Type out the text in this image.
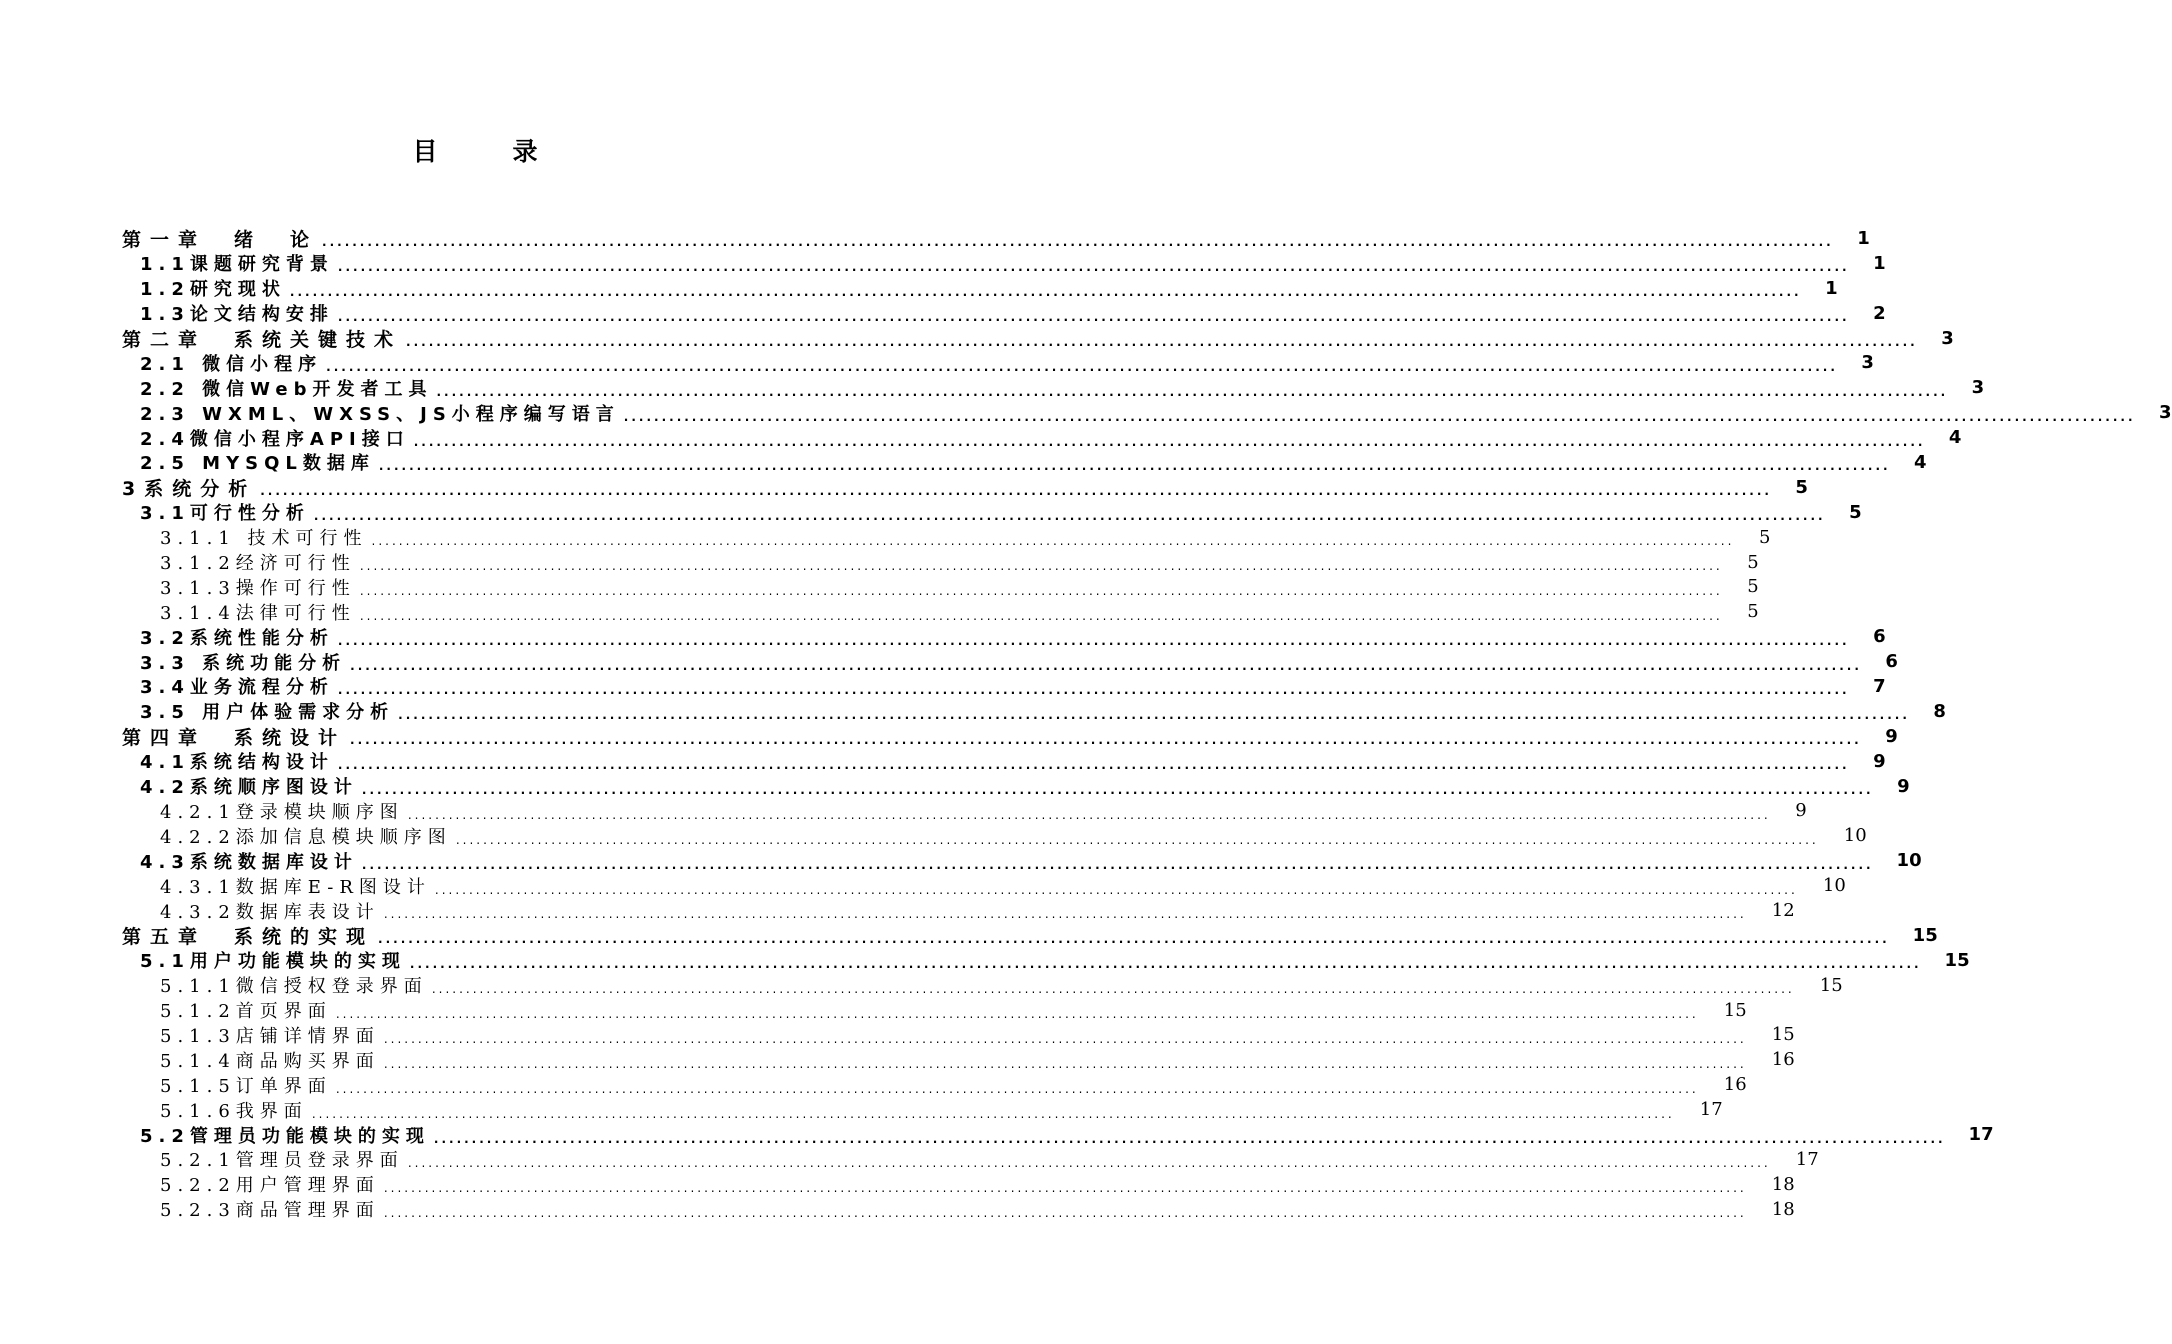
目　　　录
第一章　绪　论 ........................................................................................................................................................................................................	1
1.1课题研究背景 ........................................................................................................................................................................................................	1
1.2研究现状 ........................................................................................................................................................................................................	1
1.3论文结构安排 ........................................................................................................................................................................................................	2
第二章　系统关键技术 ........................................................................................................................................................................................................	3
2.1 微信小程序 ........................................................................................................................................................................................................	3
2.2 微信Web开发者工具 ........................................................................................................................................................................................................	3
2.3 WXML、WXSS、JS小程序编写语言 ........................................................................................................................................................................................................	3
2.4微信小程序API接口 ........................................................................................................................................................................................................	4
2.5 MYSQL数据库 ........................................................................................................................................................................................................	4
3系统分析 ........................................................................................................................................................................................................	5
3.1可行性分析 ........................................................................................................................................................................................................	5
3.1.1 技术可行性 ........................................................................................................................................................................................................	5
3.1.2经济可行性 ........................................................................................................................................................................................................	5
3.1.3操作可行性 ........................................................................................................................................................................................................	5
3.1.4法律可行性 ........................................................................................................................................................................................................	5
3.2系统性能分析 ........................................................................................................................................................................................................	6
3.3 系统功能分析 ........................................................................................................................................................................................................	6
3.4业务流程分析 ........................................................................................................................................................................................................	7
3.5 用户体验需求分析 ........................................................................................................................................................................................................	8
第四章　系统设计 ........................................................................................................................................................................................................	9
4.1系统结构设计 ........................................................................................................................................................................................................	9
4.2系统顺序图设计 ........................................................................................................................................................................................................	9
4.2.1登录模块顺序图 ........................................................................................................................................................................................................	9
4.2.2添加信息模块顺序图 ........................................................................................................................................................................................................	10
4.3系统数据库设计 ........................................................................................................................................................................................................	10
4.3.1数据库E-R图设计 ........................................................................................................................................................................................................	10
4.3.2数据库表设计 ........................................................................................................................................................................................................	12
第五章　系统的实现 ........................................................................................................................................................................................................	15
5.1用户功能模块的实现 ........................................................................................................................................................................................................	15
5.1.1微信授权登录界面 ........................................................................................................................................................................................................	15
5.1.2首页界面 ........................................................................................................................................................................................................	15
5.1.3店铺详情界面 ........................................................................................................................................................................................................	15
5.1.4商品购买界面 ........................................................................................................................................................................................................	16
5.1.5订单界面 ........................................................................................................................................................................................................	16
5.1.6我界面 ........................................................................................................................................................................................................	17
5.2管理员功能模块的实现 ........................................................................................................................................................................................................	17
5.2.1管理员登录界面 ........................................................................................................................................................................................................	17
5.2.2用户管理界面 ........................................................................................................................................................................................................	18
5.2.3商品管理界面 ........................................................................................................................................................................................................	18
